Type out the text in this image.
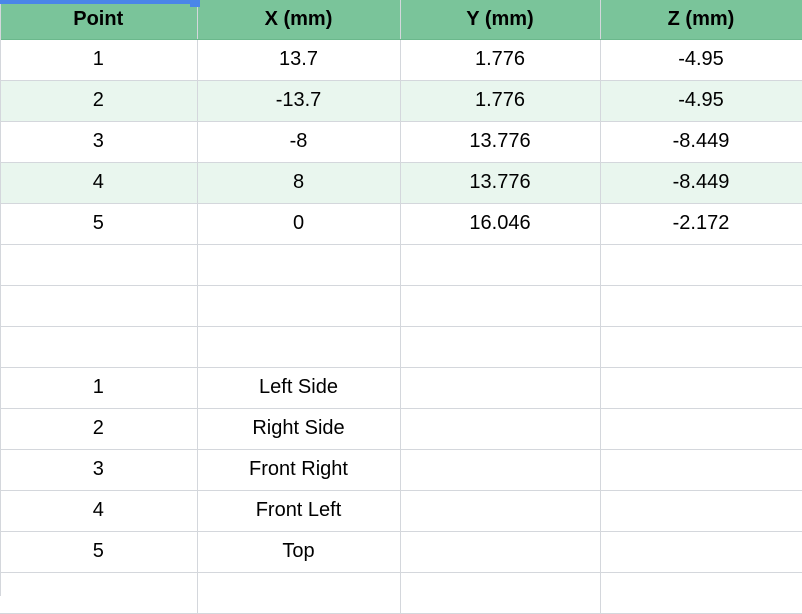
Point	X (mm)	Y (mm)	Z (mm)
1	13.7	1.776	-4.95
2	-13.7	1.776	-4.95
3	-8	13.776	-8.449
4	8	13.776	-8.449
5	0	16.046	-2.172

1	Left Side		
2	Right Side		
3	Front Right		
4	Front Left		
5	Top		
